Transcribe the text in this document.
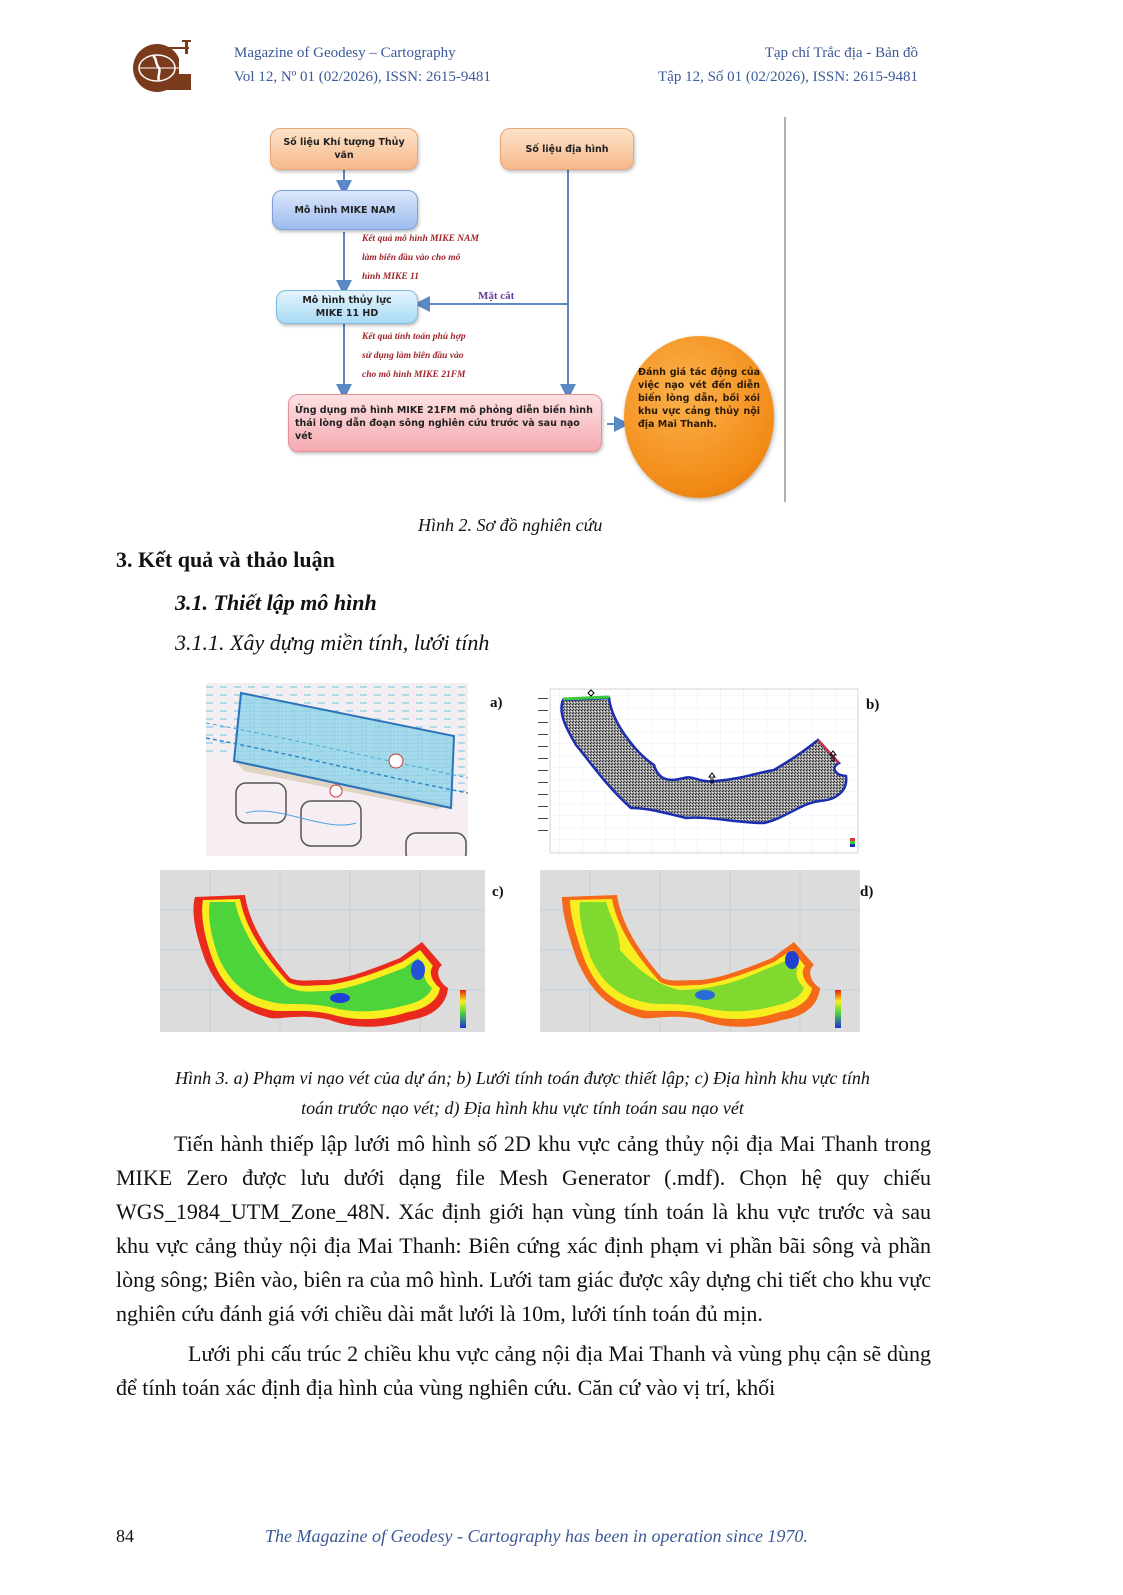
Magazine of Geodesy – Cartography
Vol 12, Nº 01 (02/2026), ISSN: 2615-9481
Tạp chí Trắc địa - Bản đồ
Tập 12, Số 01 (02/2026), ISSN: 2615-9481
Số liệu Khí tượng Thủy văn
Số liệu địa hình
Mô hình MIKE NAM
Kết quả mô hình MIKE NAM
làm biên đầu vào cho mô
hình MIKE 11
Mô hình thủy lực
MIKE 11 HD
Mặt cắt
Kết quả tính toán phù hợp
sử dụng làm biên đầu vào
cho mô hình MIKE 21FM
Ứng dụng mô hình MIKE 21FM mô phỏng diễn biến hình thái lòng dẫn đoạn sông nghiên cứu trước và sau nạo vét
Đánh giá tác động của việc nạo vét đến diễn biến lòng dẫn, bồi xói khu vực cảng thủy nội địa Mai Thanh.
Hình 2. Sơ đồ nghiên cứu
3. Kết quả và thảo luận
3.1. Thiết lập mô hình
3.1.1. Xây dựng miền tính, lưới tính
a)	b)
c)	d)
Hình 3. a) Phạm vi nạo vét của dự án; b) Lưới tính toán được thiết lập; c) Địa hình khu vực tính
toán trước nạo vét; d) Địa hình khu vực tính toán sau nạo vét

Tiến hành thiếp lập lưới mô hình số 2D khu vực cảng thủy nội địa Mai Thanh trong MIKE Zero được lưu dưới dạng file Mesh Generator (.mdf). Chọn hệ quy chiếu WGS_1984_UTM_Zone_48N. Xác định giới hạn vùng tính toán là khu vực trước và sau khu vực cảng thủy nội địa Mai Thanh: Biên cứng xác định phạm vi phần bãi sông và phần lòng sông; Biên vào, biên ra của mô hình. Lưới tam giác được xây dựng chi tiết cho khu vực nghiên cứu đánh giá với chiều dài mắt lưới là 10m, lưới tính toán đủ mịn.

Lưới phi cấu trúc 2 chiều khu vực cảng nội địa Mai Thanh và vùng phụ cận sẽ dùng để tính toán xác định địa hình của vùng nghiên cứu. Căn cứ vào vị trí, khối

84	The Magazine of Geodesy - Cartography has been in operation since 1970.
